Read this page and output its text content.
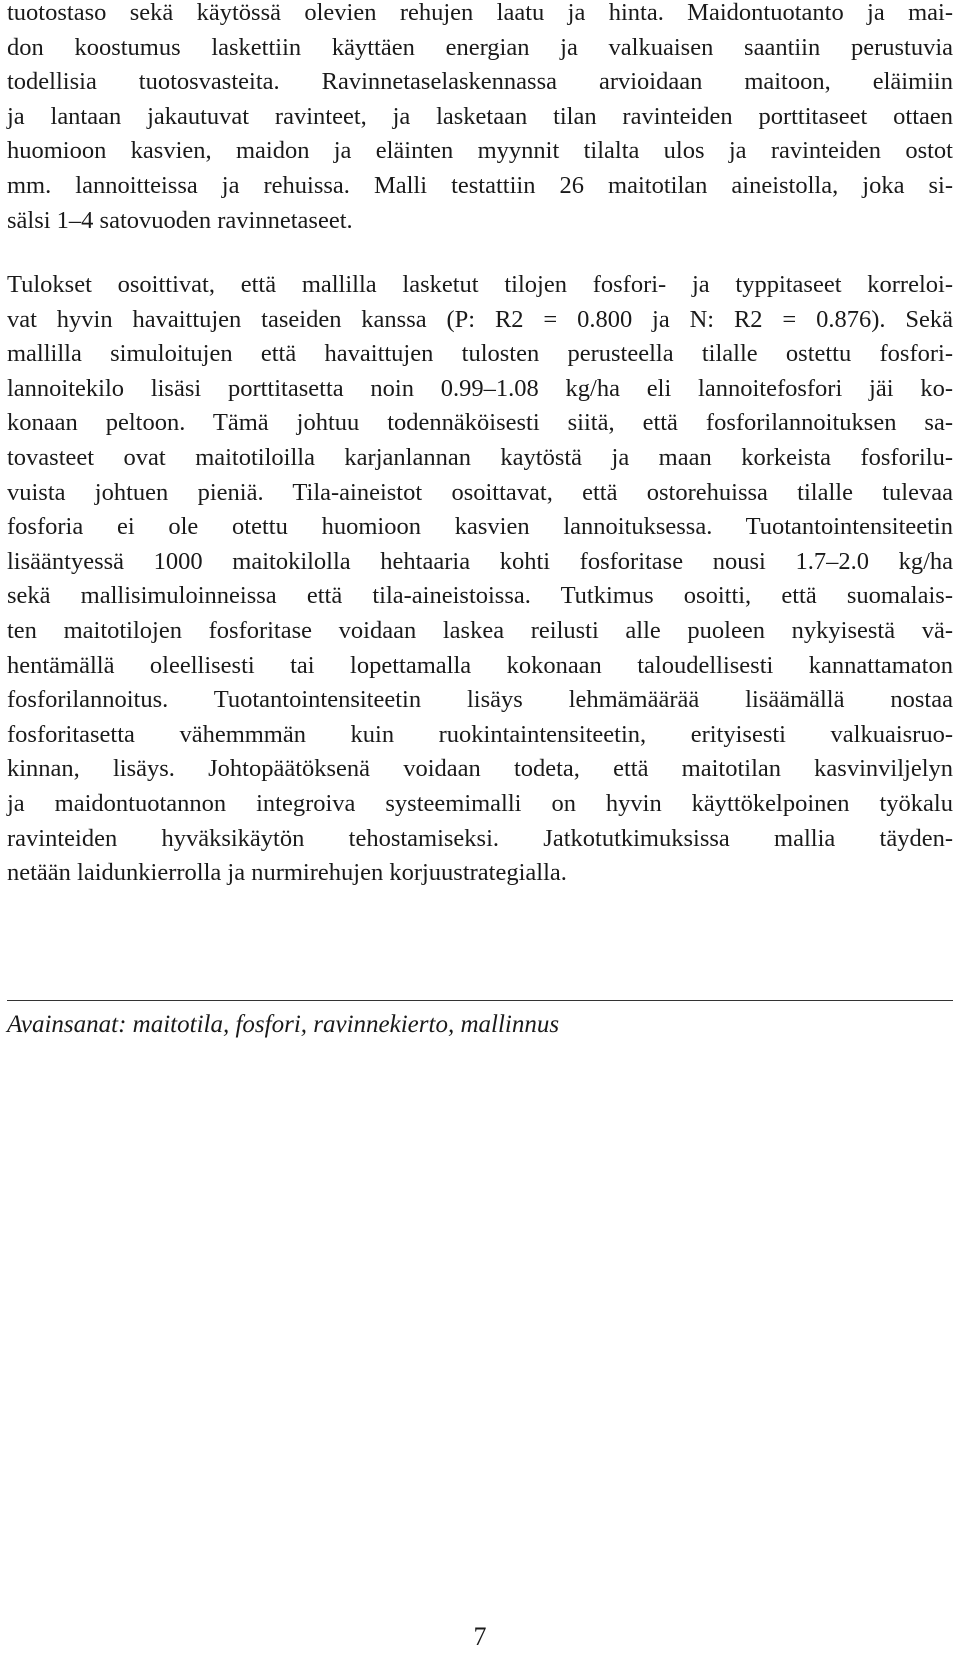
tuotostaso sekä käytössä olevien rehujen laatu ja hinta. Maidontuotanto ja mai-
don koostumus laskettiin käyttäen energian ja valkuaisen saantiin perustuvia
todellisia tuotosvasteita. Ravinnetaselaskennassa arvioidaan maitoon, eläimiin
ja lantaan jakautuvat ravinteet, ja lasketaan tilan ravinteiden porttitaseet ottaen
huomioon kasvien, maidon ja eläinten myynnit tilalta ulos ja ravinteiden ostot
mm. lannoitteissa ja rehuissa. Malli testattiin 26 maitotilan aineistolla, joka si-
sälsi 1–4 satovuoden ravinnetaseet.
Tulokset osoittivat, että mallilla lasketut tilojen fosfori- ja typpitaseet korreloi-
vat hyvin havaittujen taseiden kanssa (P: R2 = 0.800 ja N: R2 = 0.876). Sekä
mallilla simuloitujen että havaittujen tulosten perusteella tilalle ostettu fosfori-
lannoitekilo lisäsi porttitasetta noin 0.99–1.08 kg/ha eli lannoitefosfori jäi ko-
konaan peltoon. Tämä johtuu todennäköisesti siitä, että fosforilannoituksen sa-
tovasteet ovat maitotiloilla karjanlannan kaytöstä ja maan korkeista fosforilu-
vuista johtuen pieniä. Tila-aineistot osoittavat, että ostorehuissa tilalle tulevaa
fosforia ei ole otettu huomioon kasvien lannoituksessa. Tuotantointensiteetin
lisääntyessä 1000 maitokilolla hehtaaria kohti fosforitase nousi 1.7–2.0 kg/ha
sekä mallisimuloinneissa että tila-aineistoissa. Tutkimus osoitti, että suomalais-
ten maitotilojen fosforitase voidaan laskea reilusti alle puoleen nykyisestä vä-
hentämällä oleellisesti tai lopettamalla kokonaan taloudellisesti kannattamaton
fosforilannoitus. Tuotantointensiteetin lisäys lehmämäärää lisäämällä nostaa
fosforitasetta vähemmmän kuin ruokintaintensiteetin, erityisesti valkuaisruo-
kinnan, lisäys. Johtopäätöksenä voidaan todeta, että maitotilan kasvinviljelyn
ja maidontuotannon integroiva systeemimalli on hyvin käyttökelpoinen työkalu
ravinteiden hyväksikäytön tehostamiseksi. Jatkotutkimuksissa mallia täyden-
netään laidunkierrolla ja nurmirehujen korjuustrategialla.
Avainsanat: maitotila, fosfori, ravinnekierto, mallinnus
7
